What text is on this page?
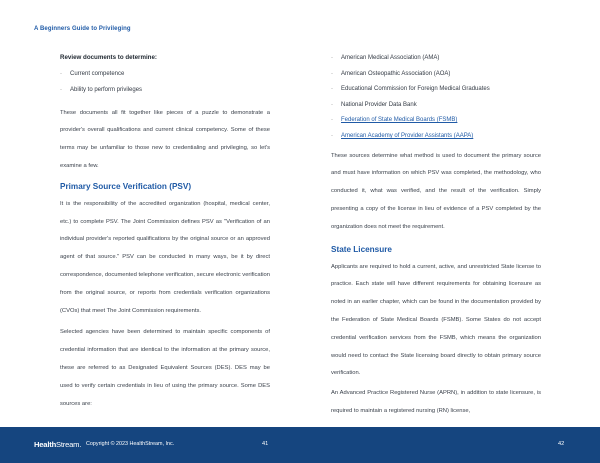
A Beginners Guide to Privileging
Review documents to determine:
· Current competence
· Ability to perform privileges

These documents all fit together like pieces of a puzzle to demonstrate a provider's overall qualifications and current clinical competency. Some of these terms may be unfamiliar to those new to credentialing and privileging, so let's examine a few.

Primary Source Verification (PSV)

It is the responsibility of the accredited organization (hospital, medical center, etc.) to complete PSV. The Joint Commission defines PSV as "Verification of an individual provider's reported qualifications by the original source or an approved agent of that source." PSV can be conducted in many ways, be it by direct correspondence, documented telephone verification, secure electronic verification from the original source, or reports from credentials verification organizations (CVOs) that meet The Joint Commission requirements.

Selected agencies have been determined to maintain specific components of credential information that are identical to the information at the primary source, these are referred to as Designated Equivalent Sources (DES). DES may be used to verify certain credentials in lieu of using the primary source. Some DES sources are:

· American Medical Association (AMA)
· American Osteopathic Association (AOA)
· Educational Commission for Foreign Medical Graduates
· National Provider Data Bank
· Federation of State Medical Boards (FSMB)
· American Academy of Provider Assistants (AAPA)

These sources determine what method is used to document the primary source and must have information on which PSV was completed, the methodology, who conducted it, what was verified, and the result of the verification. Simply presenting a copy of the license in lieu of evidence of a PSV completed by the organization does not meet the requirement.

State Licensure

Applicants are required to hold a current, active, and unrestricted State license to practice. Each state will have different requirements for obtaining licensure as noted in an earlier chapter, which can be found in the documentation provided by the Federation of State Medical Boards (FSMB). Some States do not accept credential verification services from the FSMB, which means the organization would need to contact the State licensing board directly to obtain primary source verification.

An Advanced Practice Registered Nurse (APRN), in addition to state licensure, is required to maintain a registered nursing (RN) license,

HealthStream. Copyright © 2023 HealthStream, Inc.	41	42
